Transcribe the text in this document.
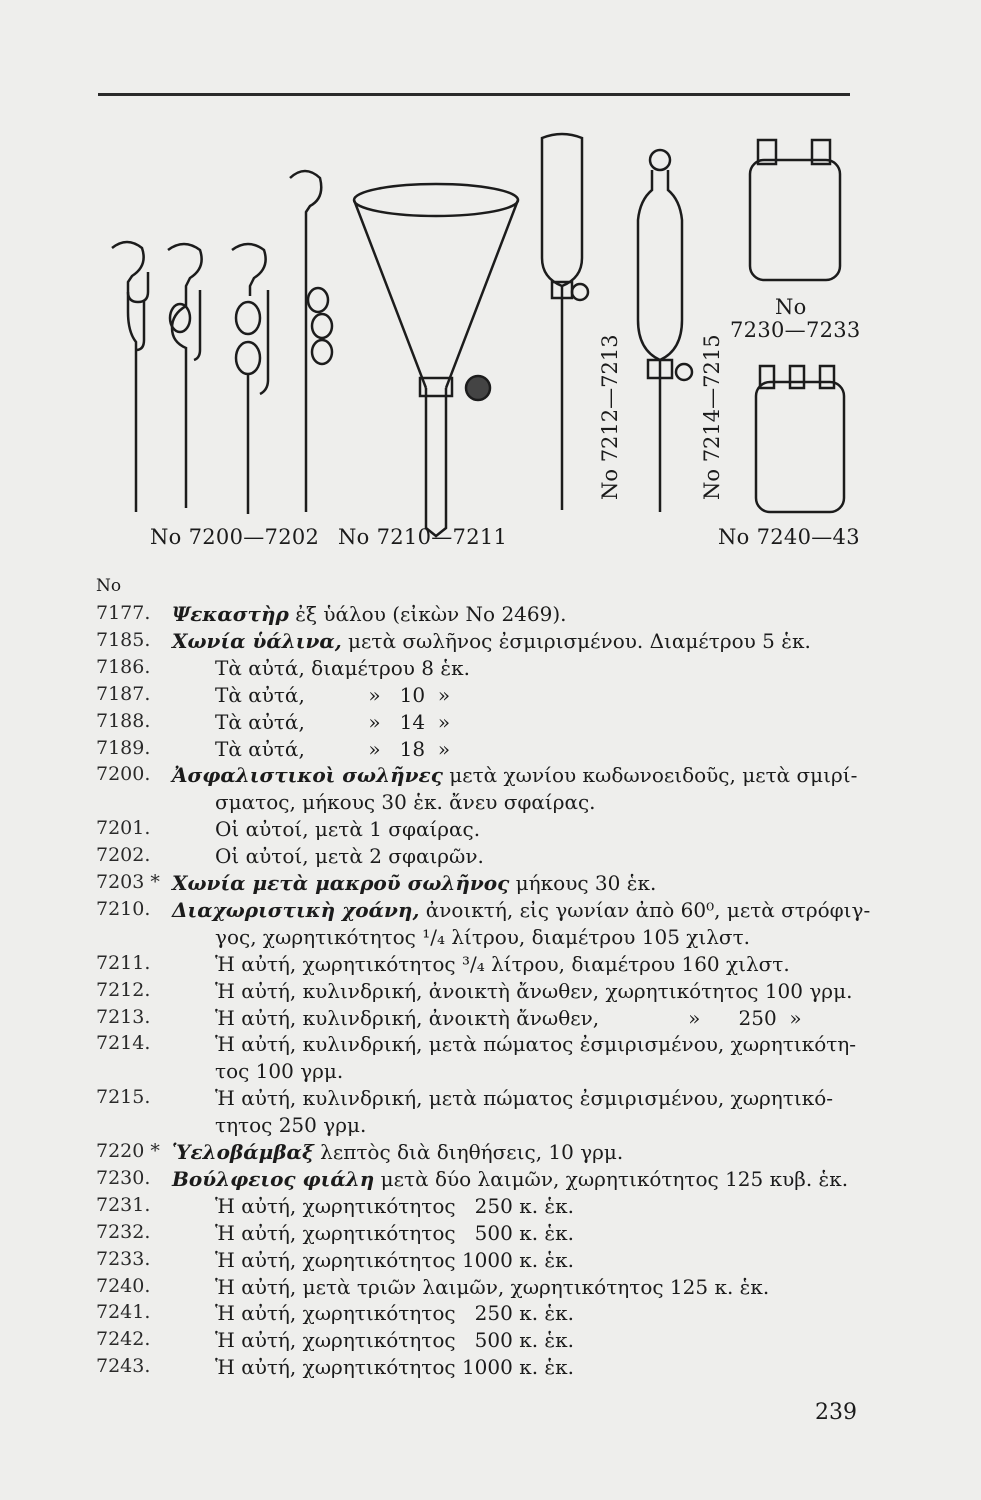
No 7200—7202 No 7210—7211
No 7212—7213	No 7214—7215
No
7230—7233
No 7240—43
No
7177. Ψεκαστὴρ ἐξ ὑάλου (εἰκὼν Νο 2469).
7185. Χωνία ὑάλινα, μετὰ σωλῆνος ἐσμιρισμένου. Διαμέτρου 5 ἑκ.
7186.	Τὰ αὐτά, διαμέτρου 8 ἑκ.
7187.	Τὰ αὐτά,          »   10  »
7188.	Τὰ αὐτά,          »   14  »
7189.	Τὰ αὐτά,          »   18  »
7200. Ἀσφαλιστικοὶ σωλῆνες μετὰ χωνίου κωδωνοειδοῦς, μετὰ σμιρί-
σματος, μήκους 30 ἑκ. ἄνευ σφαίρας.
7201.	Οἱ αὐτοί, μετὰ 1 σφαίρας.
7202.	Οἱ αὐτοί, μετὰ 2 σφαιρῶν.
7203 * Χωνία μετὰ μακροῦ σωλῆνος μήκους 30 ἑκ.
7210. Διαχωριστικὴ χοάνη, ἀνοικτή, εἰς γωνίαν ἀπὸ 60⁰, μετὰ στρόφιγ-
γος, χωρητικότητος ¹/₄ λίτρου, διαμέτρου 105 χιλστ.
7211.	Ἡ αὐτή, χωρητικότητος ³/₄ λίτρου, διαμέτρου 160 χιλστ.
7212.	Ἡ αὐτή, κυλινδρική, ἀνοικτὴ ἄνωθεν, χωρητικότητος 100 γρμ.
7213.	Ἡ αὐτή, κυλινδρική, ἀνοικτὴ ἄνωθεν,              »      250  »
7214.	Ἡ αὐτή, κυλινδρική, μετὰ πώματος ἐσμιρισμένου, χωρητικότη-
τος 100 γρμ.
7215.	Ἡ αὐτή, κυλινδρική, μετὰ πώματος ἐσμιρισμένου, χωρητικό-
τητος 250 γρμ.
7220 * Ὑελοβάμβαξ λεπτὸς διὰ διηθήσεις, 10 γρμ.
7230. Βούλφειος φιάλη μετὰ δύο λαιμῶν, χωρητικότητος 125 κυβ. ἑκ.
7231.	Ἡ αὐτή, χωρητικότητος   250 κ. ἑκ.
7232.	Ἡ αὐτή, χωρητικότητος   500 κ. ἑκ.
7233.	Ἡ αὐτή, χωρητικότητος 1000 κ. ἑκ.
7240.	Ἡ αὐτή, μετὰ τριῶν λαιμῶν, χωρητικότητος 125 κ. ἑκ.
7241.	Ἡ αὐτή, χωρητικότητος   250 κ. ἑκ.
7242.	Ἡ αὐτή, χωρητικότητος   500 κ. ἑκ.
7243.	Ἡ αὐτή, χωρητικότητος 1000 κ. ἑκ.
239
